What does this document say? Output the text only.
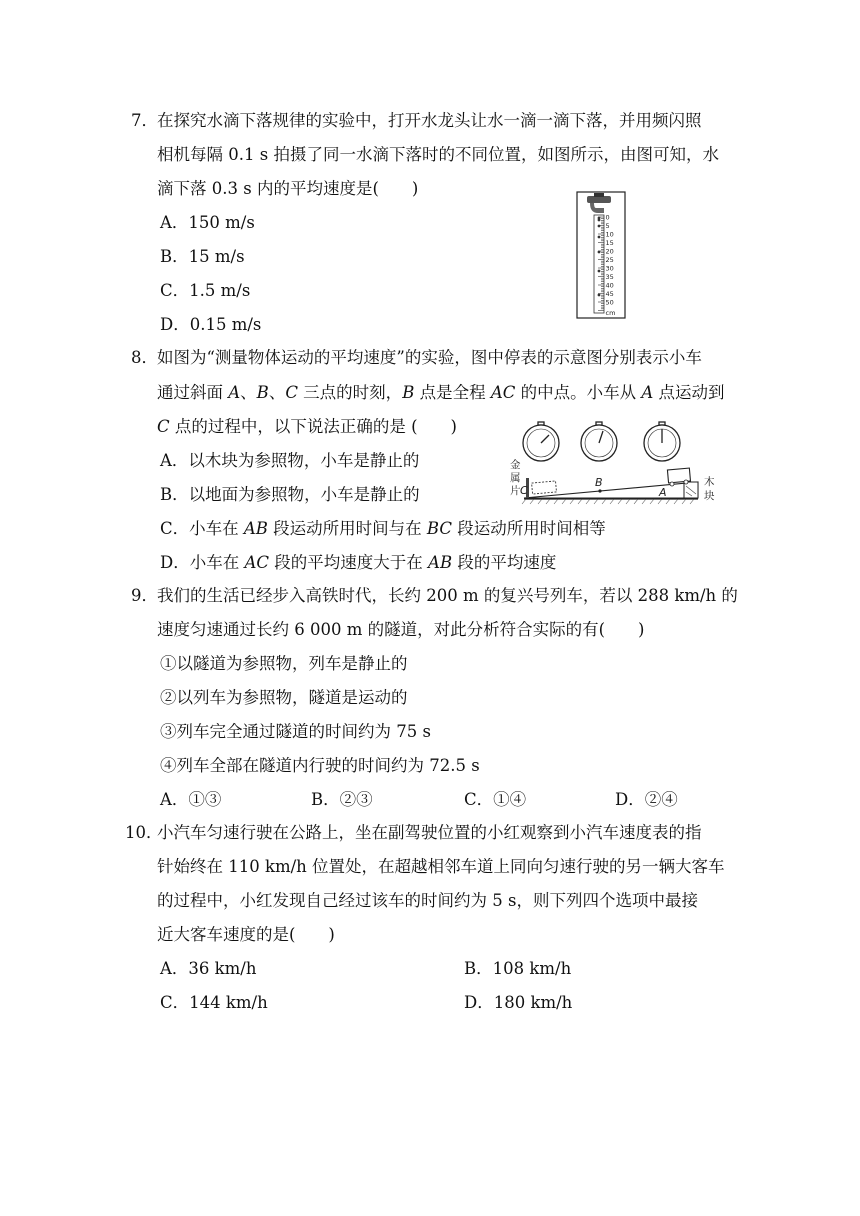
7． 在探究水滴下落规律的实验中，打开水龙头让水一滴一滴下落，并用频闪照
相机每隔 0.1 s 拍摄了同一水滴下落时的不同位置，如图所示，由图可知，水
滴下落 0.3 s 内的平均速度是(　　)
A．150 m/s
B．15 m/s
C．1.5 m/s
D．0.15 m/s
0
5
10
15
20
25
30
35
40
45
50
cm
8． 如图为“测量物体运动的平均速度”的实验，图中停表的示意图分别表示小车
通过斜面 A、B、C 三点的时刻，B 点是全程 AC 的中点。小车从 A 点运动到
C 点的过程中，以下说法正确的是 (　　)
A．以木块为参照物，小车是静止的
B．以地面为参照物，小车是静止的
C．小车在 AB 段运动所用时间与在 BC 段运动所用时间相等
D．小车在 AC 段的平均速度大于在 AB 段的平均速度
金
属
片
木
块
C
B
A
9． 我们的生活已经步入高铁时代，长约 200 m 的复兴号列车，若以 288 km/h 的
速度匀速通过长约 6 000 m 的隧道，对此分析符合实际的有(　　)
①以隧道为参照物，列车是静止的
②以列车为参照物，隧道是运动的
③列车完全通过隧道的时间约为 75 s
④列车全部在隧道内行驶的时间约为 72.5 s
A．①③	B．②③	C．①④	D．②④
10．
小汽车匀速行驶在公路上，坐在副驾驶位置的小红观察到小汽车速度表的指
针始终在 110 km/h 位置处，在超越相邻车道上同向匀速行驶的另一辆大客车
的过程中，小红发现自己经过该车的时间约为 5 s，则下列四个选项中最接
近大客车速度的是(　　)
A．36 km/h	B．108 km/h
C．144 km/h	D．180 km/h
